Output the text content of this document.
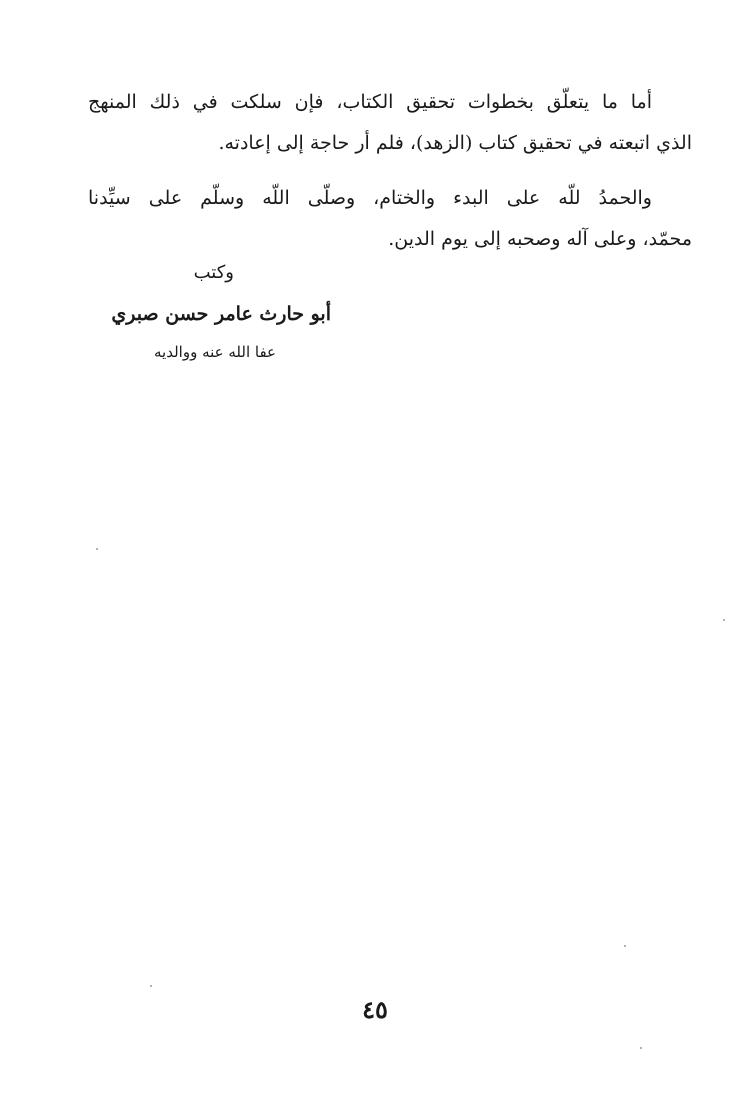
أما ما يتعلّق بخطوات تحقيق الكتاب، فإن سلكت في ذلك المنهج
الذي اتبعته في تحقيق كتاب (الزهد)، فلم أر حاجة إلى إعادته.
والحمدُ للّه على البدء والختام، وصلّى اللّه وسلّم على سيِّدنا
محمّد، وعلى آله وصحبه إلى يوم الدين.
وكتب
أبو حارث عامر حسن صبري
عفا الله عنه ووالديه
٤٥
